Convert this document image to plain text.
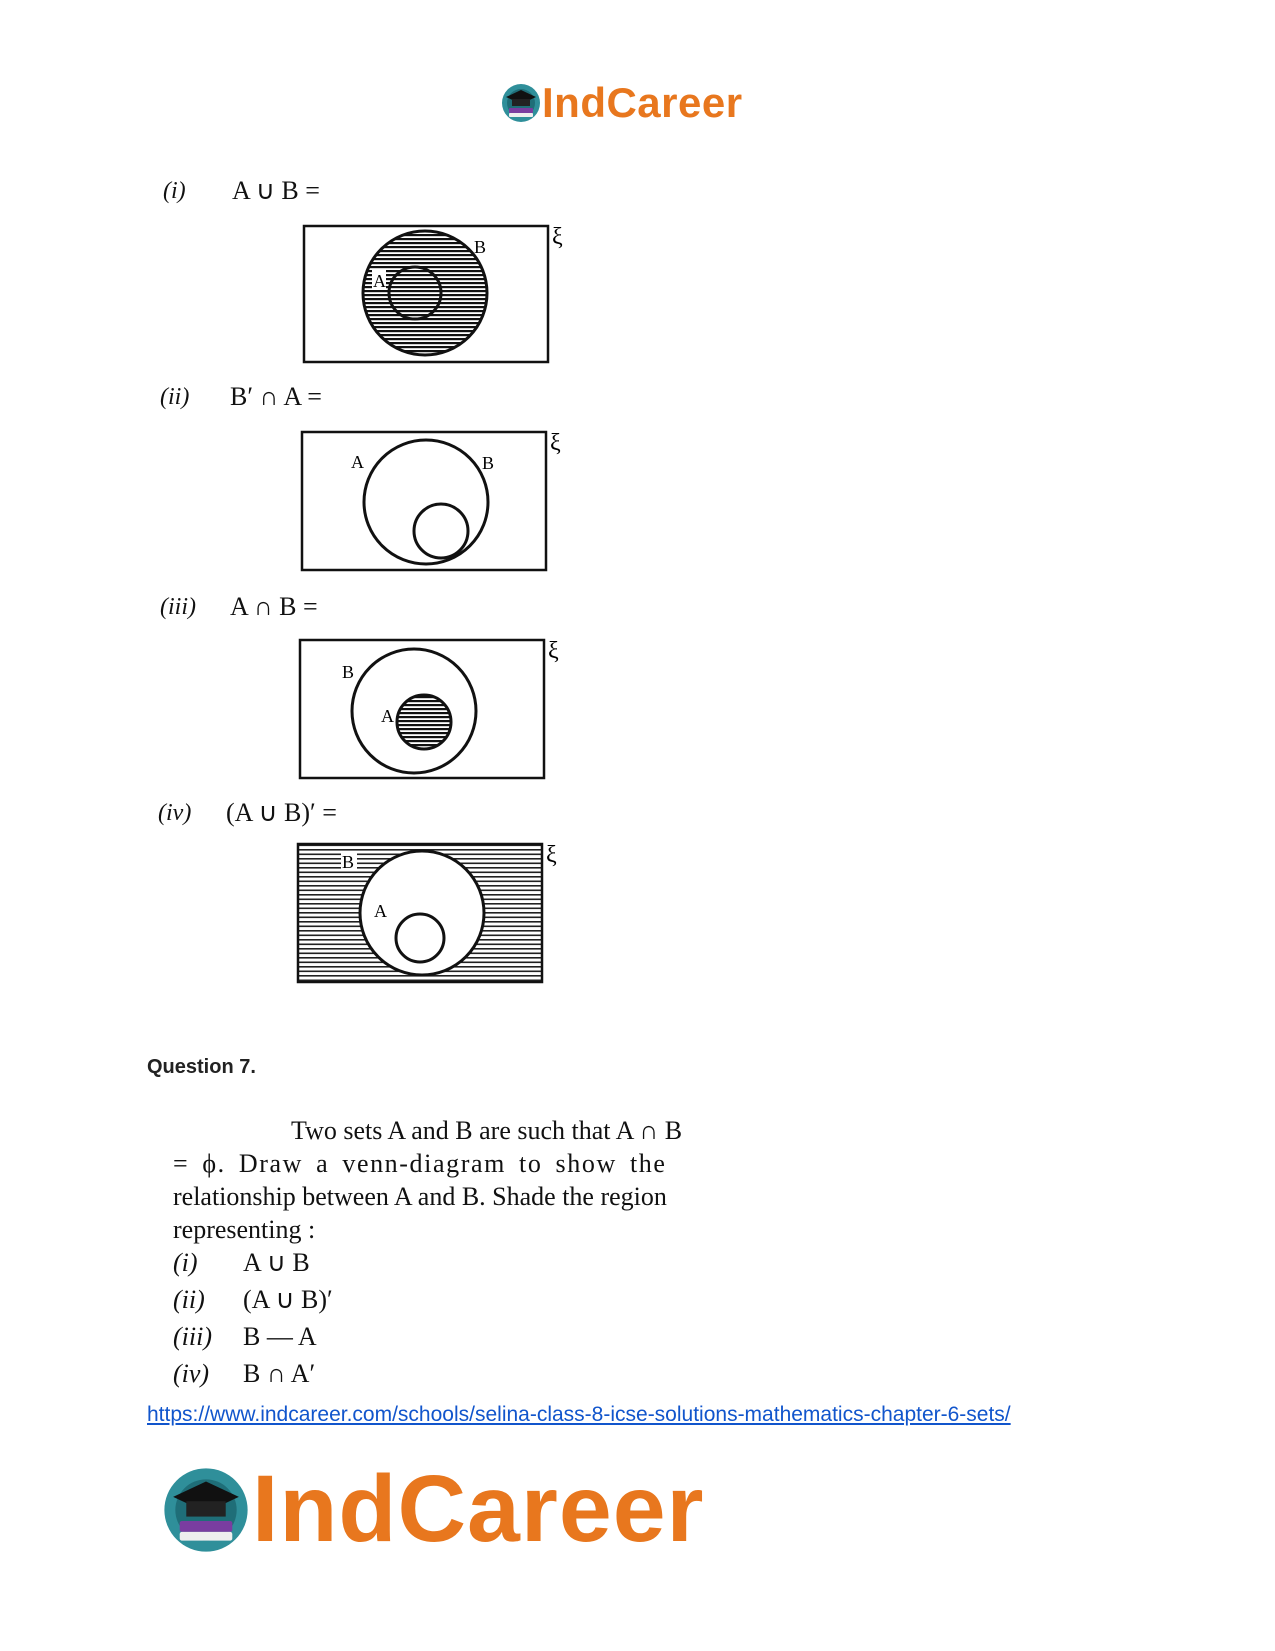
IndCareer
(i) A ∪ B =
A
B	ξ
(ii) B′ ∩ A =
A	B
ξ
(iii) A ∩ B =
B
A
ξ
(iv) (A ∪ B)′ =
B
A
ξ
Question 7.
Two sets A and B are such that A ∩ B
= ϕ. Draw a venn-diagram to show the
relationship between A and B. Shade the region
representing :
(i)	A ∪ B
(ii)	(A ∪ B)′
(iii)	B — A
(iv)	B ∩ A′
https://www.indcareer.com/schools/selina-class-8-icse-solutions-mathematics-chapter-6-sets/
IndCareer
